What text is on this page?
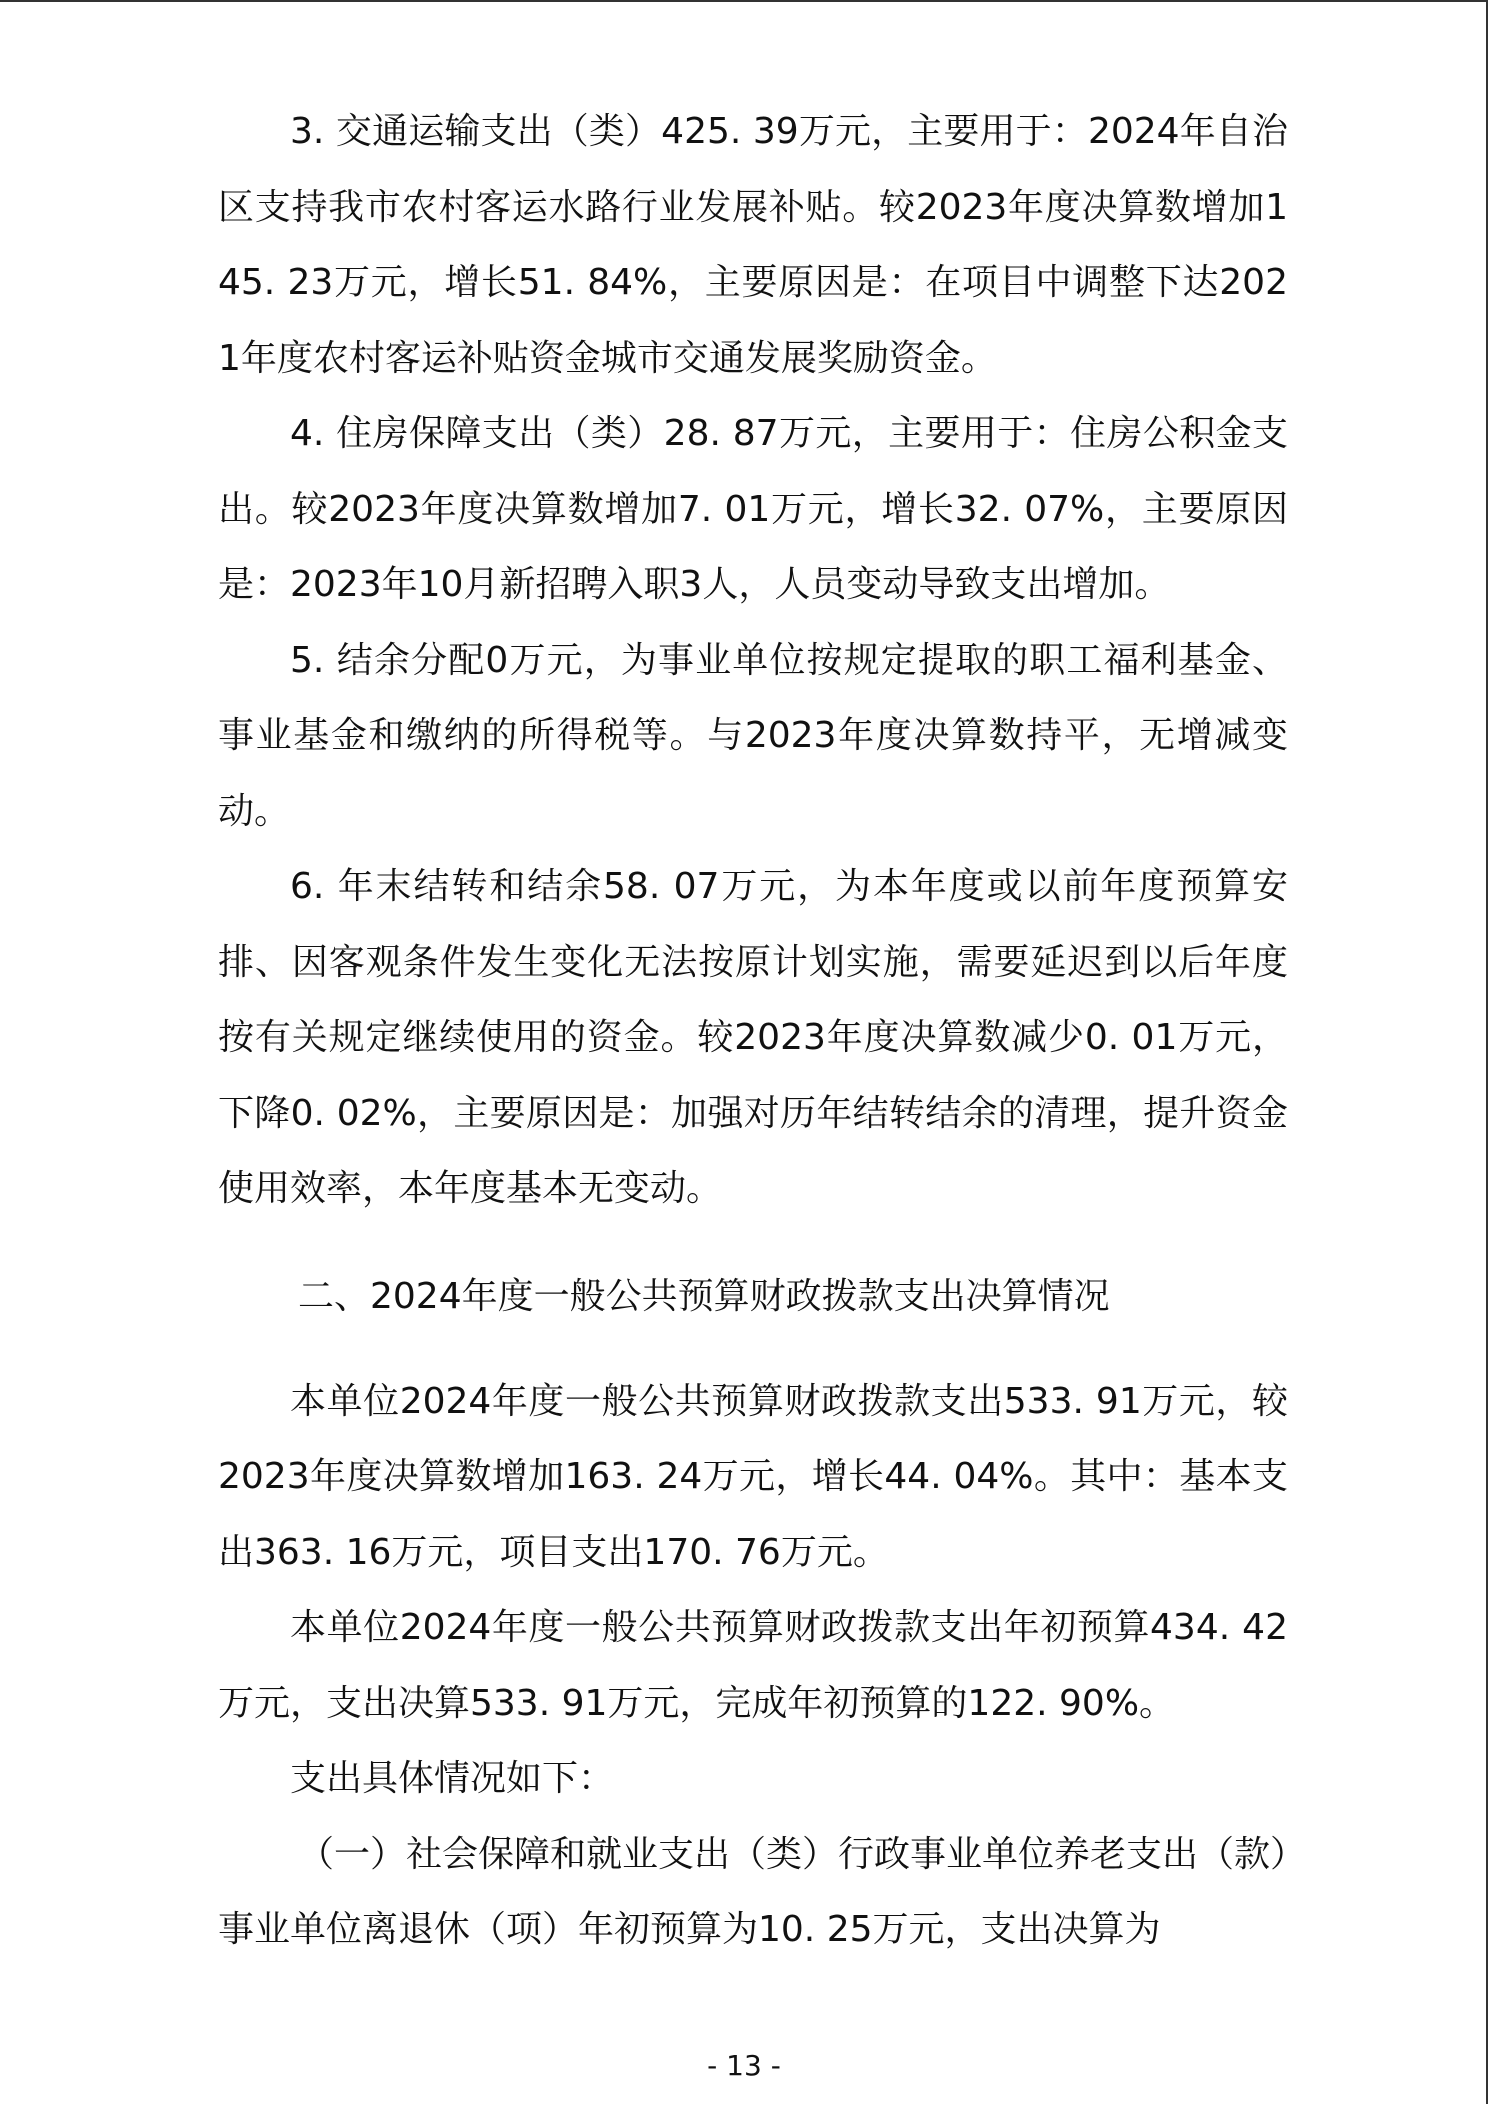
3. 交通运输支出（类）425. 39万元，主要用于：2024年自治区支持我市农村客运水路行业发展补贴。较2023年度决算数增加145. 23万元，增长51. 84%，主要原因是：在项目中调整下达2021年度农村客运补贴资金城市交通发展奖励资金。

4. 住房保障支出（类）28. 87万元，主要用于：住房公积金支出。较2023年度决算数增加7. 01万元，增长32. 07%，主要原因是：2023年10月新招聘入职3人，人员变动导致支出增加。

5. 结余分配0万元，为事业单位按规定提取的职工福利基金、事业基金和缴纳的所得税等。与2023年度决算数持平，无增减变动。

6. 年末结转和结余58. 07万元，为本年度或以前年度预算安排、因客观条件发生变化无法按原计划实施，需要延迟到以后年度按有关规定继续使用的资金。较2023年度决算数减少0. 01万元，下降0. 02%，主要原因是：加强对历年结转结余的清理，提升资金使用效率，本年度基本无变动。

二、2024年度一般公共预算财政拨款支出决算情况

本单位2024年度一般公共预算财政拨款支出533. 91万元，较2023年度决算数增加163. 24万元，增长44. 04%。其中：基本支出363. 16万元，项目支出170. 76万元。

本单位2024年度一般公共预算财政拨款支出年初预算434. 42万元，支出决算533. 91万元，完成年初预算的122. 90%。

支出具体情况如下：

（一）社会保障和就业支出（类）行政事业单位养老支出（款）事业单位离退休（项）年初预算为10. 25万元，支出决算为

- 13 -
